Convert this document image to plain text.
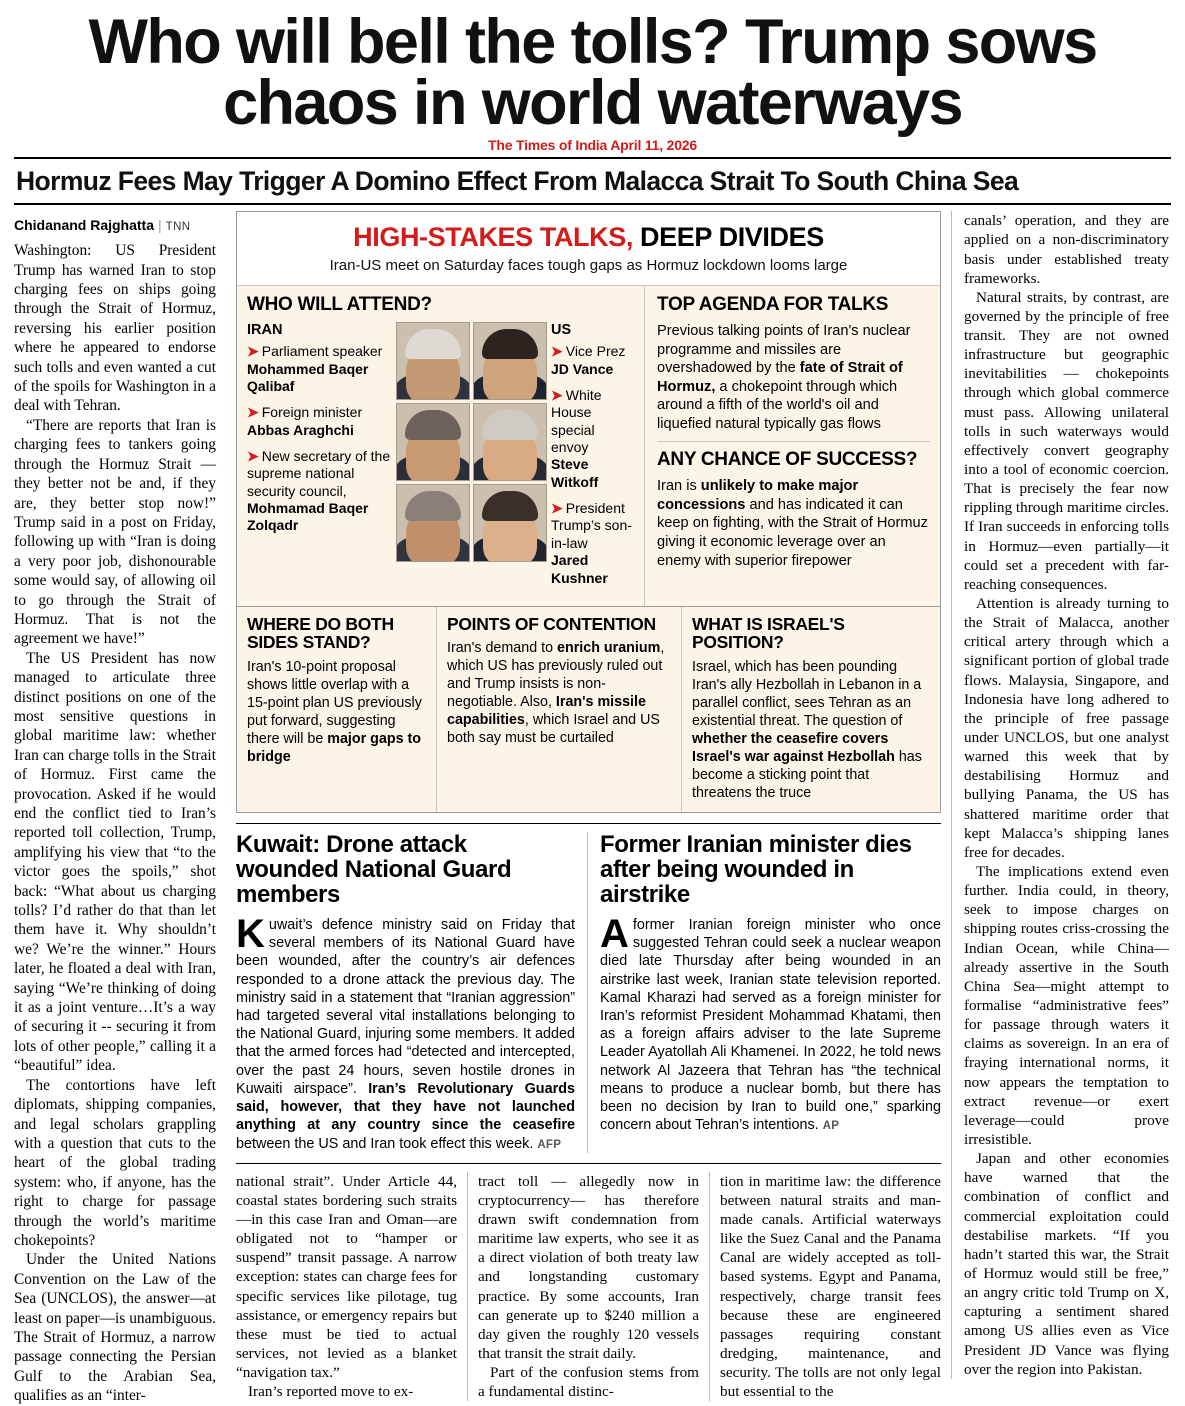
Who will bell the tolls? Trump sows chaos in world waterways
The Times of India April 11, 2026
Hormuz Fees May Trigger A Domino Effect From Malacca Strait To South China Sea
Chidanand Rajghatta | TNN

Washington: US President Trump has warned Iran to stop charging fees on ships going through the Strait of Hormuz, reversing his earlier position where he appeared to endorse such tolls and even wanted a cut of the spoils for Washington in a deal with Tehran.

“There are reports that Iran is charging fees to tankers going through the Hormuz Strait — they better not be and, if they are, they better stop now!” Trump said in a post on Friday, following up with “Iran is doing a very poor job, dishonourable some would say, of allowing oil to go through the Strait of Hormuz. That is not the agreement we have!”

The US President has now managed to articulate three distinct positions on one of the most sensitive questions in global maritime law: whether Iran can charge tolls in the Strait of Hormuz. First came the provocation. Asked if he would end the conflict tied to Iran’s reported toll collection, Trump, amplifying his view that “to the victor goes the spoils,” shot back: “What about us charging tolls? I’d rather do that than let them have it. Why shouldn’t we? We’re the winner.” Hours later, he floated a deal with Iran, saying “We’re thinking of doing it as a joint venture…It’s a way of securing it -- securing it from lots of other people,” calling it a “beautiful” idea.

The contortions have left diplomats, shipping companies, and legal scholars grappling with a question that cuts to the heart of the global trading system: who, if anyone, has the right to charge for passage through the world’s maritime chokepoints?

Under the United Nations Convention on the Law of the Sea (UNCLOS), the answer—at least on paper—is unambiguous. The Strait of Hormuz, a narrow passage connecting the Persian Gulf to the Arabian Sea, qualifies as an “inter-

HIGH-STAKES TALKS, DEEP DIVIDES
Iran-US meet on Saturday faces tough gaps as Hormuz lockdown looms large
WHO WILL ATTEND?
IRAN
➤ Parliament speaker
Mohammed Baqer Qalibaf
➤ Foreign minister
Abbas Araghchi
➤ New secretary of the supreme national security council,
Mohmamad Baqer Zolqadr
US
➤ Vice Prez
JD Vance
➤ White House special envoy
Steve Witkoff
➤ President Trump’s son-in-law
Jared Kushner
TOP AGENDA FOR TALKS
Previous talking points of Iran's nuclear programme and missiles are overshadowed by the fate of Strait of Hormuz, a chokepoint through which around a fifth of the world's oil and liquefied natural typically gas flows
ANY CHANCE OF SUCCESS?
Iran is unlikely to make major concessions and has indicated it can keep on fighting, with the Strait of Hormuz giving it economic leverage over an enemy with superior firepower
WHERE DO BOTH SIDES STAND?
Iran's 10-point proposal shows little overlap with a 15-point plan US previously put forward, suggesting there will be major gaps to bridge
POINTS OF CONTENTION
Iran's demand to enrich uranium, which US has previously ruled out and Trump insists is non-negotiable. Also, Iran's missile capabilities, which Israel and US both say must be curtailed
WHAT IS ISRAEL'S POSITION?
Israel, which has been pounding Iran's ally Hezbollah in Lebanon in a parallel conflict, sees Tehran as an existential threat. The question of whether the ceasefire covers Israel's war against Hezbollah has become a sticking point that threatens the truce
Kuwait: Drone attack wounded National Guard members
Kuwait’s defence ministry said on Friday that several members of its National Guard have been wounded, after the country’s air defences responded to a drone attack the previous day. The ministry said in a statement that “Iranian aggression” had targeted several vital installations belonging to the National Guard, injuring some members. It added that the armed forces had “detected and intercepted, over the past 24 hours, seven hostile drones in Kuwaiti airspace”. Iran’s Revolutionary Guards said, however, that they have not launched anything at any country since the ceasefire between the US and Iran took effect this week. AFP
Former Iranian minister dies after being wounded in airstrike
A former Iranian foreign minister who once suggested Tehran could seek a nuclear weapon died late Thursday after being wounded in an airstrike last week, Iranian state television reported. Kamal Kharazi had served as a foreign minister for Iran’s reformist President Mohammad Khatami, then as a foreign affairs adviser to the late Supreme Leader Ayatollah Ali Khamenei. In 2022, he told news network Al Jazeera that Tehran has “the technical means to produce a nuclear bomb, but there has been no decision by Iran to build one,” sparking concern about Tehran’s intentions. AP

national strait”. Under Article 44, coastal states bordering such straits—in this case Iran and Oman—are obligated not to “hamper or suspend” transit passage. A narrow exception: states can charge fees for specific services like pilotage, tug assistance, or emergency repairs but these must be tied to actual services, not levied as a blanket “navigation tax.”

Iran’s reported move to ex-

tract toll — allegedly now in cryptocurrency— has therefore drawn swift condemnation from maritime law experts, who see it as a direct violation of both treaty law and longstanding customary practice. By some accounts, Iran can generate up to $240 million a day given the roughly 120 vessels that transit the strait daily.

Part of the confusion stems from a fundamental distinc-

tion in maritime law: the difference between natural straits and man-made canals. Artificial waterways like the Suez Canal and the Panama Canal are widely accepted as toll-based systems. Egypt and Panama, respectively, charge transit fees because these are engineered passages requiring constant dredging, maintenance, and security. The tolls are not only legal but essential to the

canals’ operation, and they are applied on a non-discriminatory basis under established treaty frameworks.

Natural straits, by contrast, are governed by the principle of free transit. They are not owned infrastructure but geographic inevitabilities — chokepoints through which global commerce must pass. Allowing unilateral tolls in such waterways would effectively convert geography into a tool of economic coercion. That is precisely the fear now rippling through maritime circles. If Iran succeeds in enforcing tolls in Hormuz—even partially—it could set a precedent with far-reaching consequences.

Attention is already turning to the Strait of Malacca, another critical artery through which a significant portion of global trade flows. Malaysia, Singapore, and Indonesia have long adhered to the principle of free passage under UNCLOS, but one analyst warned this week that by destabilising Hormuz and bullying Panama, the US has shattered maritime order that kept Malacca’s shipping lanes free for decades.

The implications extend even further. India could, in theory, seek to impose charges on shipping routes criss-crossing the Indian Ocean, while China—already assertive in the South China Sea—might attempt to formalise “administrative fees” for passage through waters it claims as sovereign. In an era of fraying international norms, it now appears the temptation to extract revenue—or exert leverage—could prove irresistible.

Japan and other economies have warned that the combination of conflict and commercial exploitation could destabilise markets. “If you hadn’t started this war, the Strait of Hormuz would still be free,” an angry critic told Trump on X, capturing a sentiment shared among US allies even as Vice President JD Vance was flying over the region into Pakistan.
